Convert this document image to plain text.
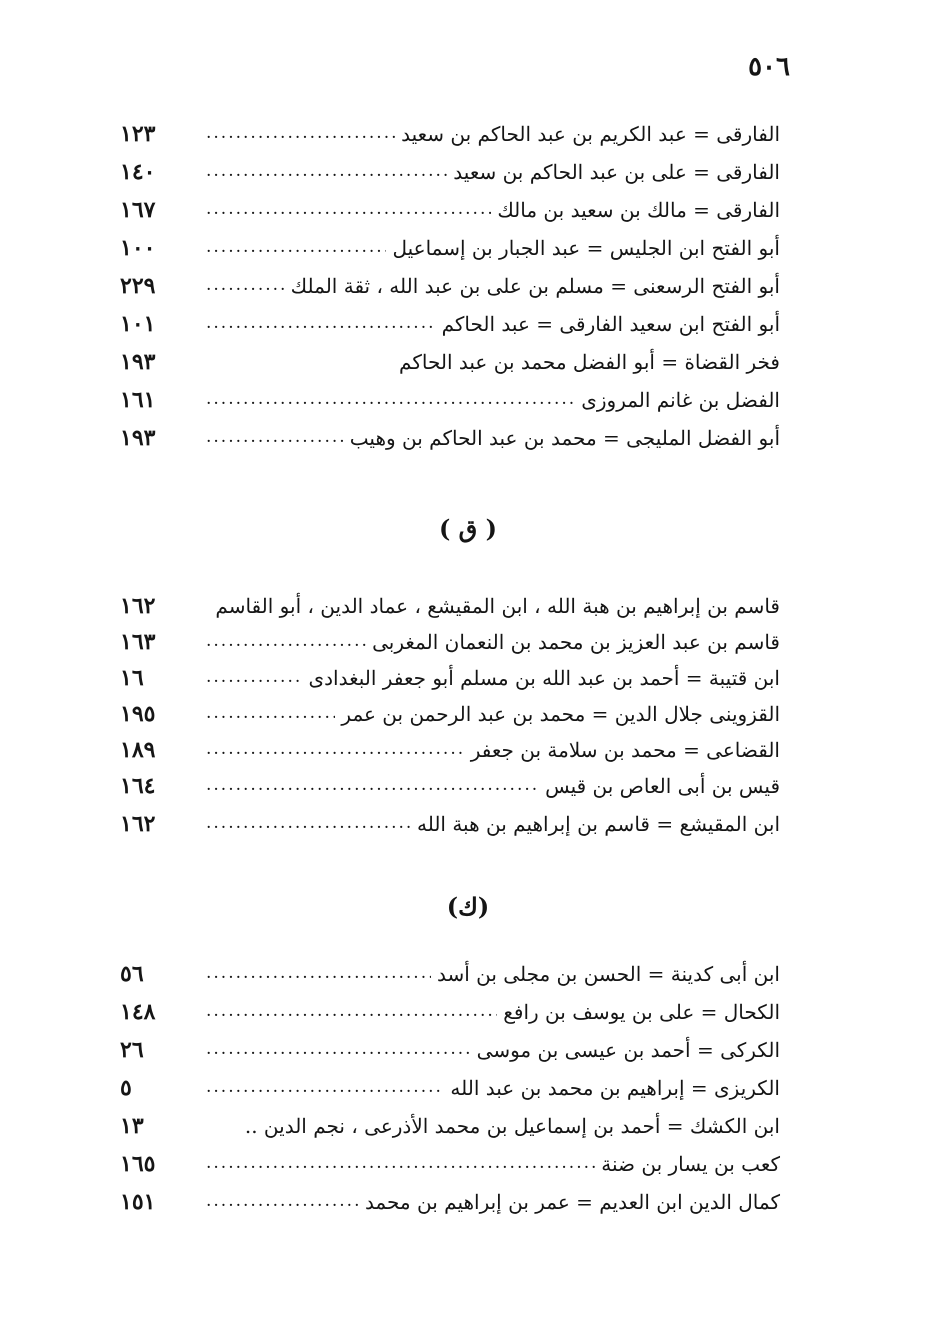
٥٠٦
الفارقى = عبد الكريم بن عبد الحاكم بن سعيد
.....
١٢٣
الفارقى = على بن عبد الحاكم بن سعيد
.....
١٤٠
الفارقى = مالك بن سعيد بن مالك
.....
١٦٧
أبو الفتح ابن الجليس = عبد الجبار بن إسماعيل
.....
١٠٠
أبو الفتح الرسعنى = مسلم بن على بن عبد الله ، ثقة الملك
.....
٢٢٩
أبو الفتح ابن سعيد الفارقى = عبد الحاكم
.....
١٠١
فخر القضاة = أبو الفضل محمد بن عبد الحاكم
١٩٣
الفضل بن غانم المروزى
.....
١٦١
أبو الفضل المليجى = محمد بن عبد الحاكم بن وهيب
.....
١٩٣
( ق )
قاسم بن إبراهيم بن هبة الله ، ابن المقيشع ، عماد الدين ، أبو القاسم
١٦٢
قاسم بن عبد العزيز بن محمد بن النعمان المغربى
.....
١٦٣
ابن قتيبة = أحمد بن عبد الله بن مسلم أبو جعفر البغدادى
.....
١٦
القزوينى جلال الدين = محمد بن عبد الرحمن بن عمر
.....
١٩٥
القضاعى = محمد بن سلامة بن جعفر
.....
١٨٩
قيس بن أبى العاص بن قيس
.....
١٦٤
ابن المقيشع = قاسم بن إبراهيم بن هبة الله
.....
١٦٢
(ك)
ابن أبى كدينة = الحسن بن مجلى بن أسد
.....
٥٦
الكحال = على بن يوسف بن رافع
.....
١٤٨
الكركى = أحمد بن عيسى بن موسى
.....
٢٦
الكريزى = إبراهيم بن محمد بن عبد الله
.....
٥
ابن الكشك = أحمد بن إسماعيل بن محمد الأذرعى ، نجم الدين ..
١٣
كعب بن يسار بن ضنة
.....
١٦٥
كمال الدين ابن العديم = عمر بن إبراهيم بن محمد
.....
١٥١
